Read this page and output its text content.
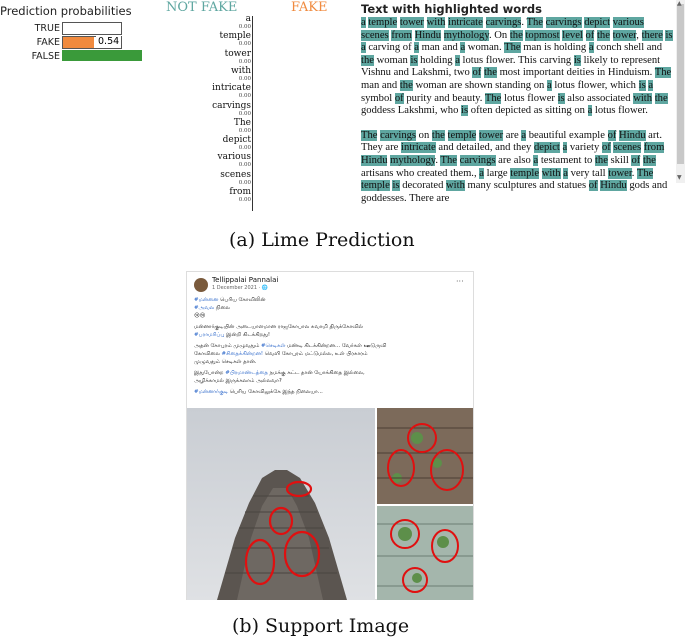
Prediction probabilities
TRUE
FAKE	0.54
FALSE
NOT FAKE	FAKE
a
0.00
temple
0.00
tower
0.00
with
0.00
intricate
0.00
carvings
0.00
The
0.00
depict
0.00
various
0.00
scenes
0.00
from
0.00
Text with highlighted words

a temple tower with intricate carvings. The carvings depict various scenes from Hindu mythology. On the topmost level of the tower, there is a carving of a man and a woman. The man is holding a conch shell and the woman is holding a lotus flower. This carving is likely to represent Vishnu and Lakshmi, two of the most important deities in Hinduism. The man and the woman are shown standing on a lotus flower, which is a symbol of purity and beauty. The lotus flower is also associated with the goddess Lakshmi, who is often depicted as sitting on a lotus flower.

The carvings on the temple tower are a beautiful example of Hindu art. They are intricate and detailed, and they depict a variety of scenes from Hindu mythology. The carvings are also a testament to the skill of the artisans who created them., a large temple with a very tall tower. The temple is decorated with many sculptures and statues of Hindu gods and goddesses. There are

▲
▼
(a) Lime Prediction
Tellippalai Pannalai
1 December 2021 · 🌐
···
#மன்னை பெரிய கோவிலின்
#அவல நிலை
😢😢
மன்னார்குடியின் அடையாளமான ராஜகோபால சுவாமி திருக்கோவில்
#பராமரிப்பு இன்றி கிடக்கிறது!
அதன் கோபுரம் முழுவதும் #செடிகள் மண்டி கிடக்கின்றன... வேர்கள் ஊடுருவி
கோவிலை #சிதைக்கின்றன! வெளி கோபுரம் மட்டுமல்ல, உள் பிரகாரம்
முழுவதும் செடிகள் தான்.
இதுபோன்ற #பிரமாண்டத்தை நமக்கு கட்ட தான் யோக்கிதை இல்லை,
அழிக்காமல் இருக்கலாம் அல்லவா?
#மன்னார்குடி பெரிய கோவிலுக்கே இந்த நிலையா...
(b) Support Image
